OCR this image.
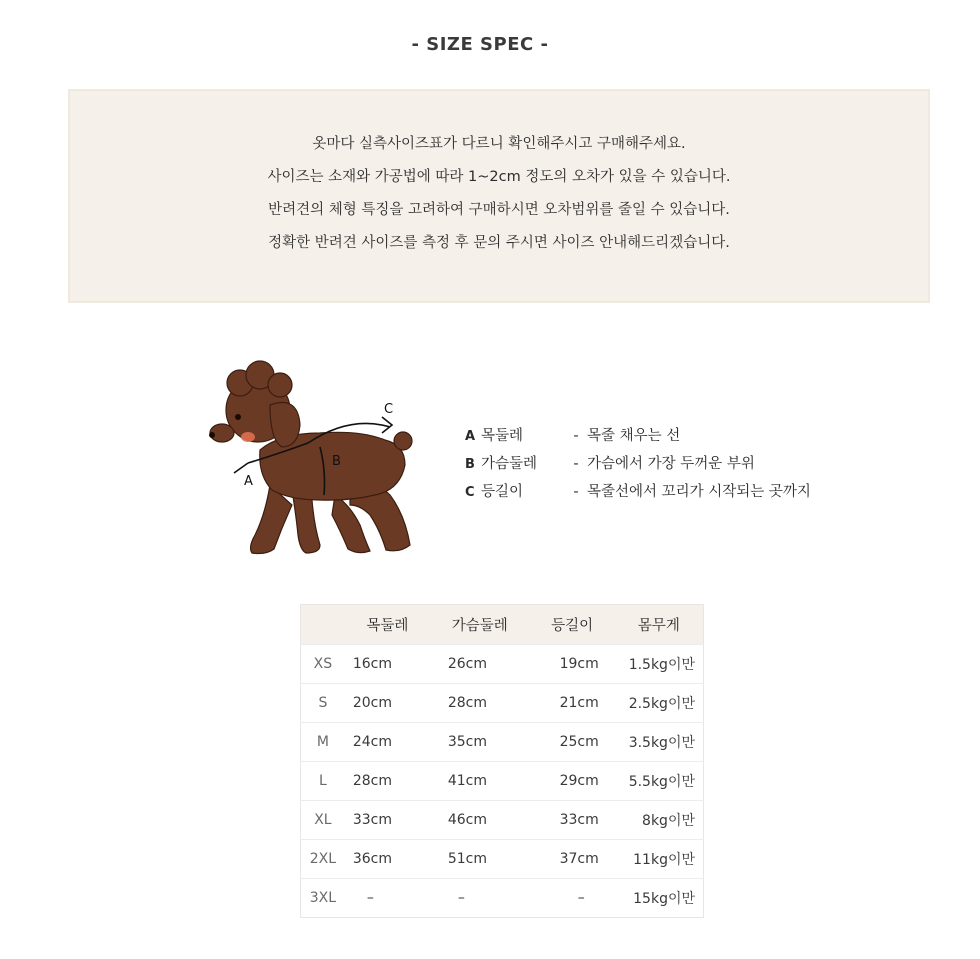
- SIZE SPEC -
옷마다 실측사이즈표가 다르니 확인해주시고 구매해주세요.
사이즈는 소재와 가공법에 따라 1~2cm 정도의 오차가 있을 수 있습니다.
반려견의 체형 특징을 고려하여 구매하시면 오차범위를 줄일 수 있습니다.
정확한 반려견 사이즈를 측정 후 문의 주시면 사이즈 안내해드리겠습니다.
A
B
C
A 목둘레	- 목줄 채우는 선
B 가슴둘레	- 가슴에서 가장 두꺼운 부위
C 등길이	- 목줄선에서 꼬리가 시작되는 곳까지
	목둘레	가슴둘레	등길이	몸무게
XS	16cm	26cm	19cm	1.5kg이만
S	20cm	28cm	21cm	2.5kg이만
M	24cm	35cm	25cm	3.5kg이만
L	28cm	41cm	29cm	5.5kg이만
XL	33cm	46cm	33cm	8kg이만
2XL	36cm	51cm	37cm	11kg이만
3XL	–	–	–	15kg이만
